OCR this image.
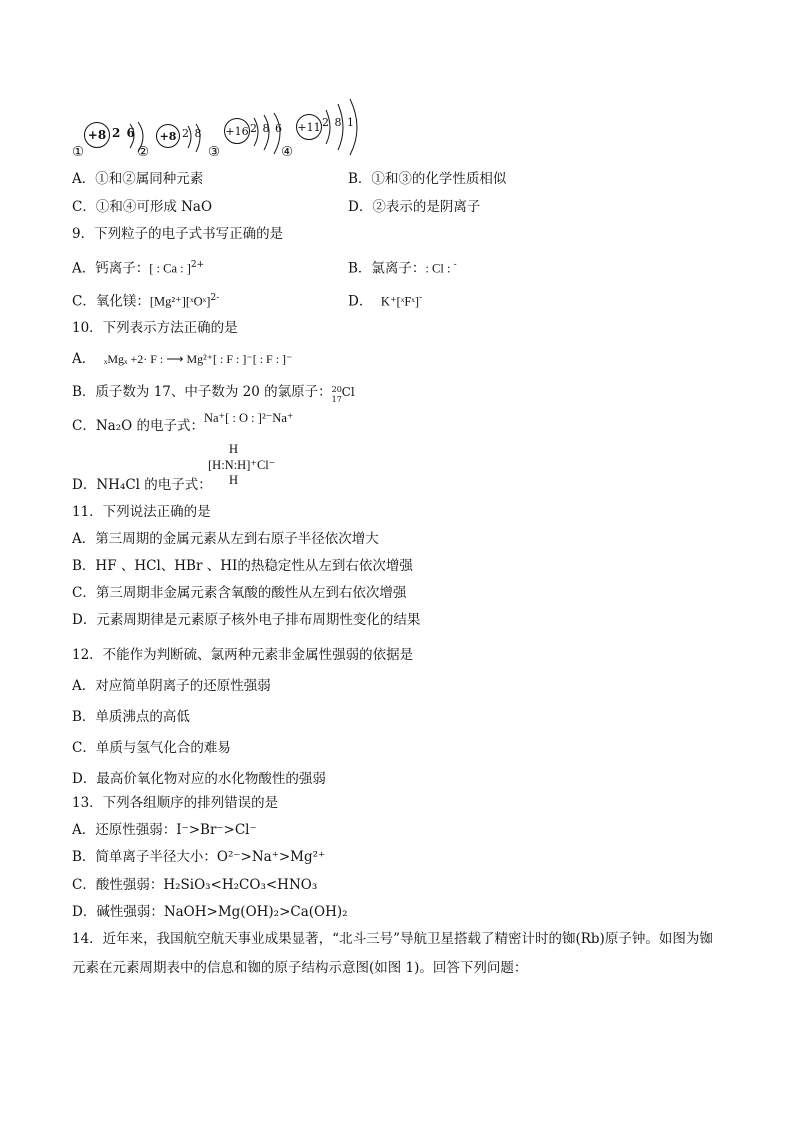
+8 2 6
①
+8 2 8
②
+16 2 8 6
③
+11 2 8 1
④
A．①和②属同种元素	B．①和③的化学性质相似
C．①和④可形成 NaO	D．②表示的是阴离子
9．下列粒子的电子式书写正确的是
A．钙离子：[ : Ca : ]$^{2+}$	B．氯离子：: Cl : -
C．氧化镁：[Mg²⁺][ˣOˣ]$^{2-}$	D． K⁺[ˣFˣ]-
10．下列表示方法正确的是
A． ₓMgₓ +2· F : ⟶ Mg²⁺[ : F : ]⁻[ : F : ]⁻
B．质子数为 17、中子数为 20 的氯原子： 20
17
Cl
C．Na₂O 的电子式：Na⁺[ : O : ]²⁻Na⁺
H
[H:N:H]⁺Cl⁻
H
D．NH₄Cl 的电子式：
11．下列说法正确的是
A．第三周期的金属元素从左到右原子半径依次增大
B．HF 、HCl、HBr 、HI的热稳定性从左到右依次增强
C．第三周期非金属元素含氧酸的酸性从左到右依次增强
D．元素周期律是元素原子核外电子排布周期性变化的结果
12．不能作为判断硫、氯两种元素非金属性强弱的依据是
A．对应简单阴离子的还原性强弱
B．单质沸点的高低
C．单质与氢气化合的难易
D．最高价氧化物对应的水化物酸性的强弱
13．下列各组顺序的排列错误的是
A．还原性强弱：I⁻>Br⁻>Cl⁻
B．简单离子半径大小：O²⁻>Na⁺>Mg²⁺
C．酸性强弱：H₂SiO₃<H₂CO₃<HNO₃
D．碱性强弱：NaOH>Mg(OH)₂>Ca(OH)₂
14．近年来，我国航空航天事业成果显著，“北斗三号”导航卫星搭载了精密计时的铷(Rb)原子钟。如图为铷
元素在元素周期表中的信息和铷的原子结构示意图(如图 1)。回答下列问题：
